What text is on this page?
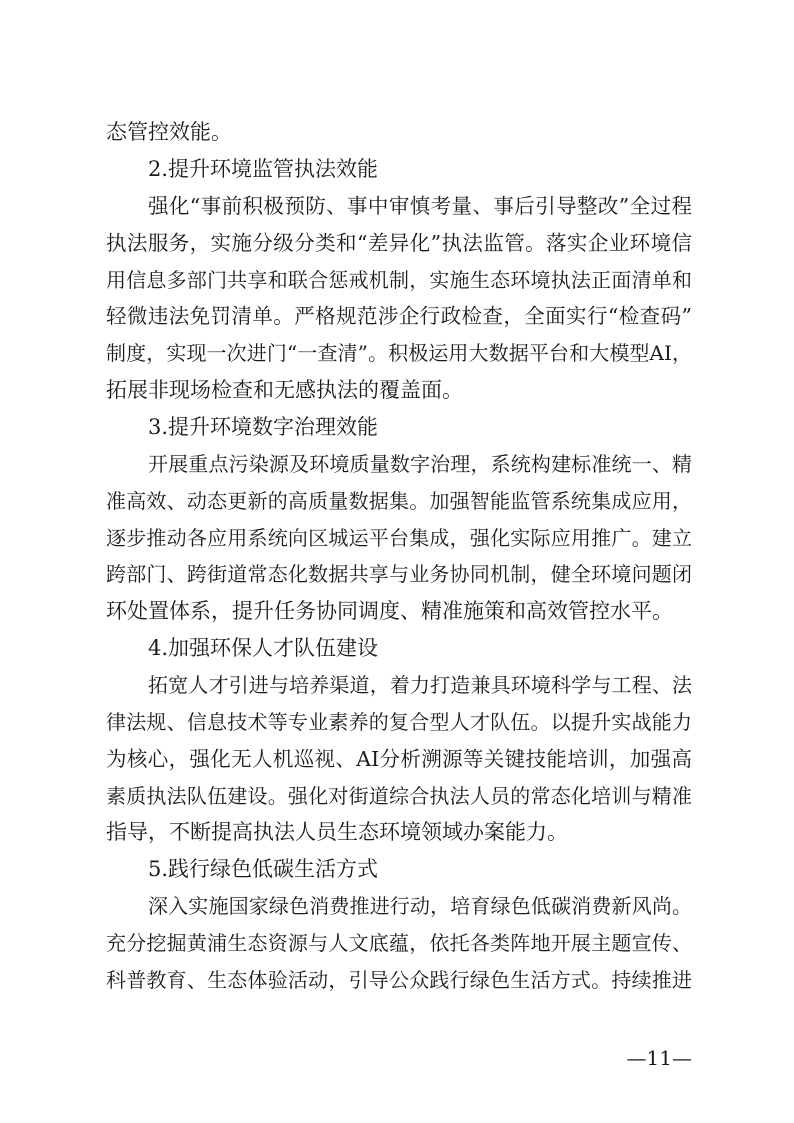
态管控效能。
2.提升环境监管执法效能
强化“事前积极预防、事中审慎考量、事后引导整改”全过程
执法服务，实施分级分类和“差异化”执法监管。落实企业环境信
用信息多部门共享和联合惩戒机制，实施生态环境执法正面清单和
轻微违法免罚清单。严格规范涉企行政检查，全面实行“检查码”
制度，实现一次进门“一查清”。积极运用大数据平台和大模型AI，
拓展非现场检查和无感执法的覆盖面。
3.提升环境数字治理效能
开展重点污染源及环境质量数字治理，系统构建标准统一、精
准高效、动态更新的高质量数据集。加强智能监管系统集成应用，
逐步推动各应用系统向区城运平台集成，强化实际应用推广。建立
跨部门、跨街道常态化数据共享与业务协同机制，健全环境问题闭
环处置体系，提升任务协同调度、精准施策和高效管控水平。
4.加强环保人才队伍建设
拓宽人才引进与培养渠道，着力打造兼具环境科学与工程、法
律法规、信息技术等专业素养的复合型人才队伍。以提升实战能力
为核心，强化无人机巡视、AI分析溯源等关键技能培训，加强高
素质执法队伍建设。强化对街道综合执法人员的常态化培训与精准
指导，不断提高执法人员生态环境领域办案能力。
5.践行绿色低碳生活方式
深入实施国家绿色消费推进行动，培育绿色低碳消费新风尚。
充分挖掘黄浦生态资源与人文底蕴，依托各类阵地开展主题宣传、
科普教育、生态体验活动，引导公众践行绿色生活方式。持续推进
—11—
